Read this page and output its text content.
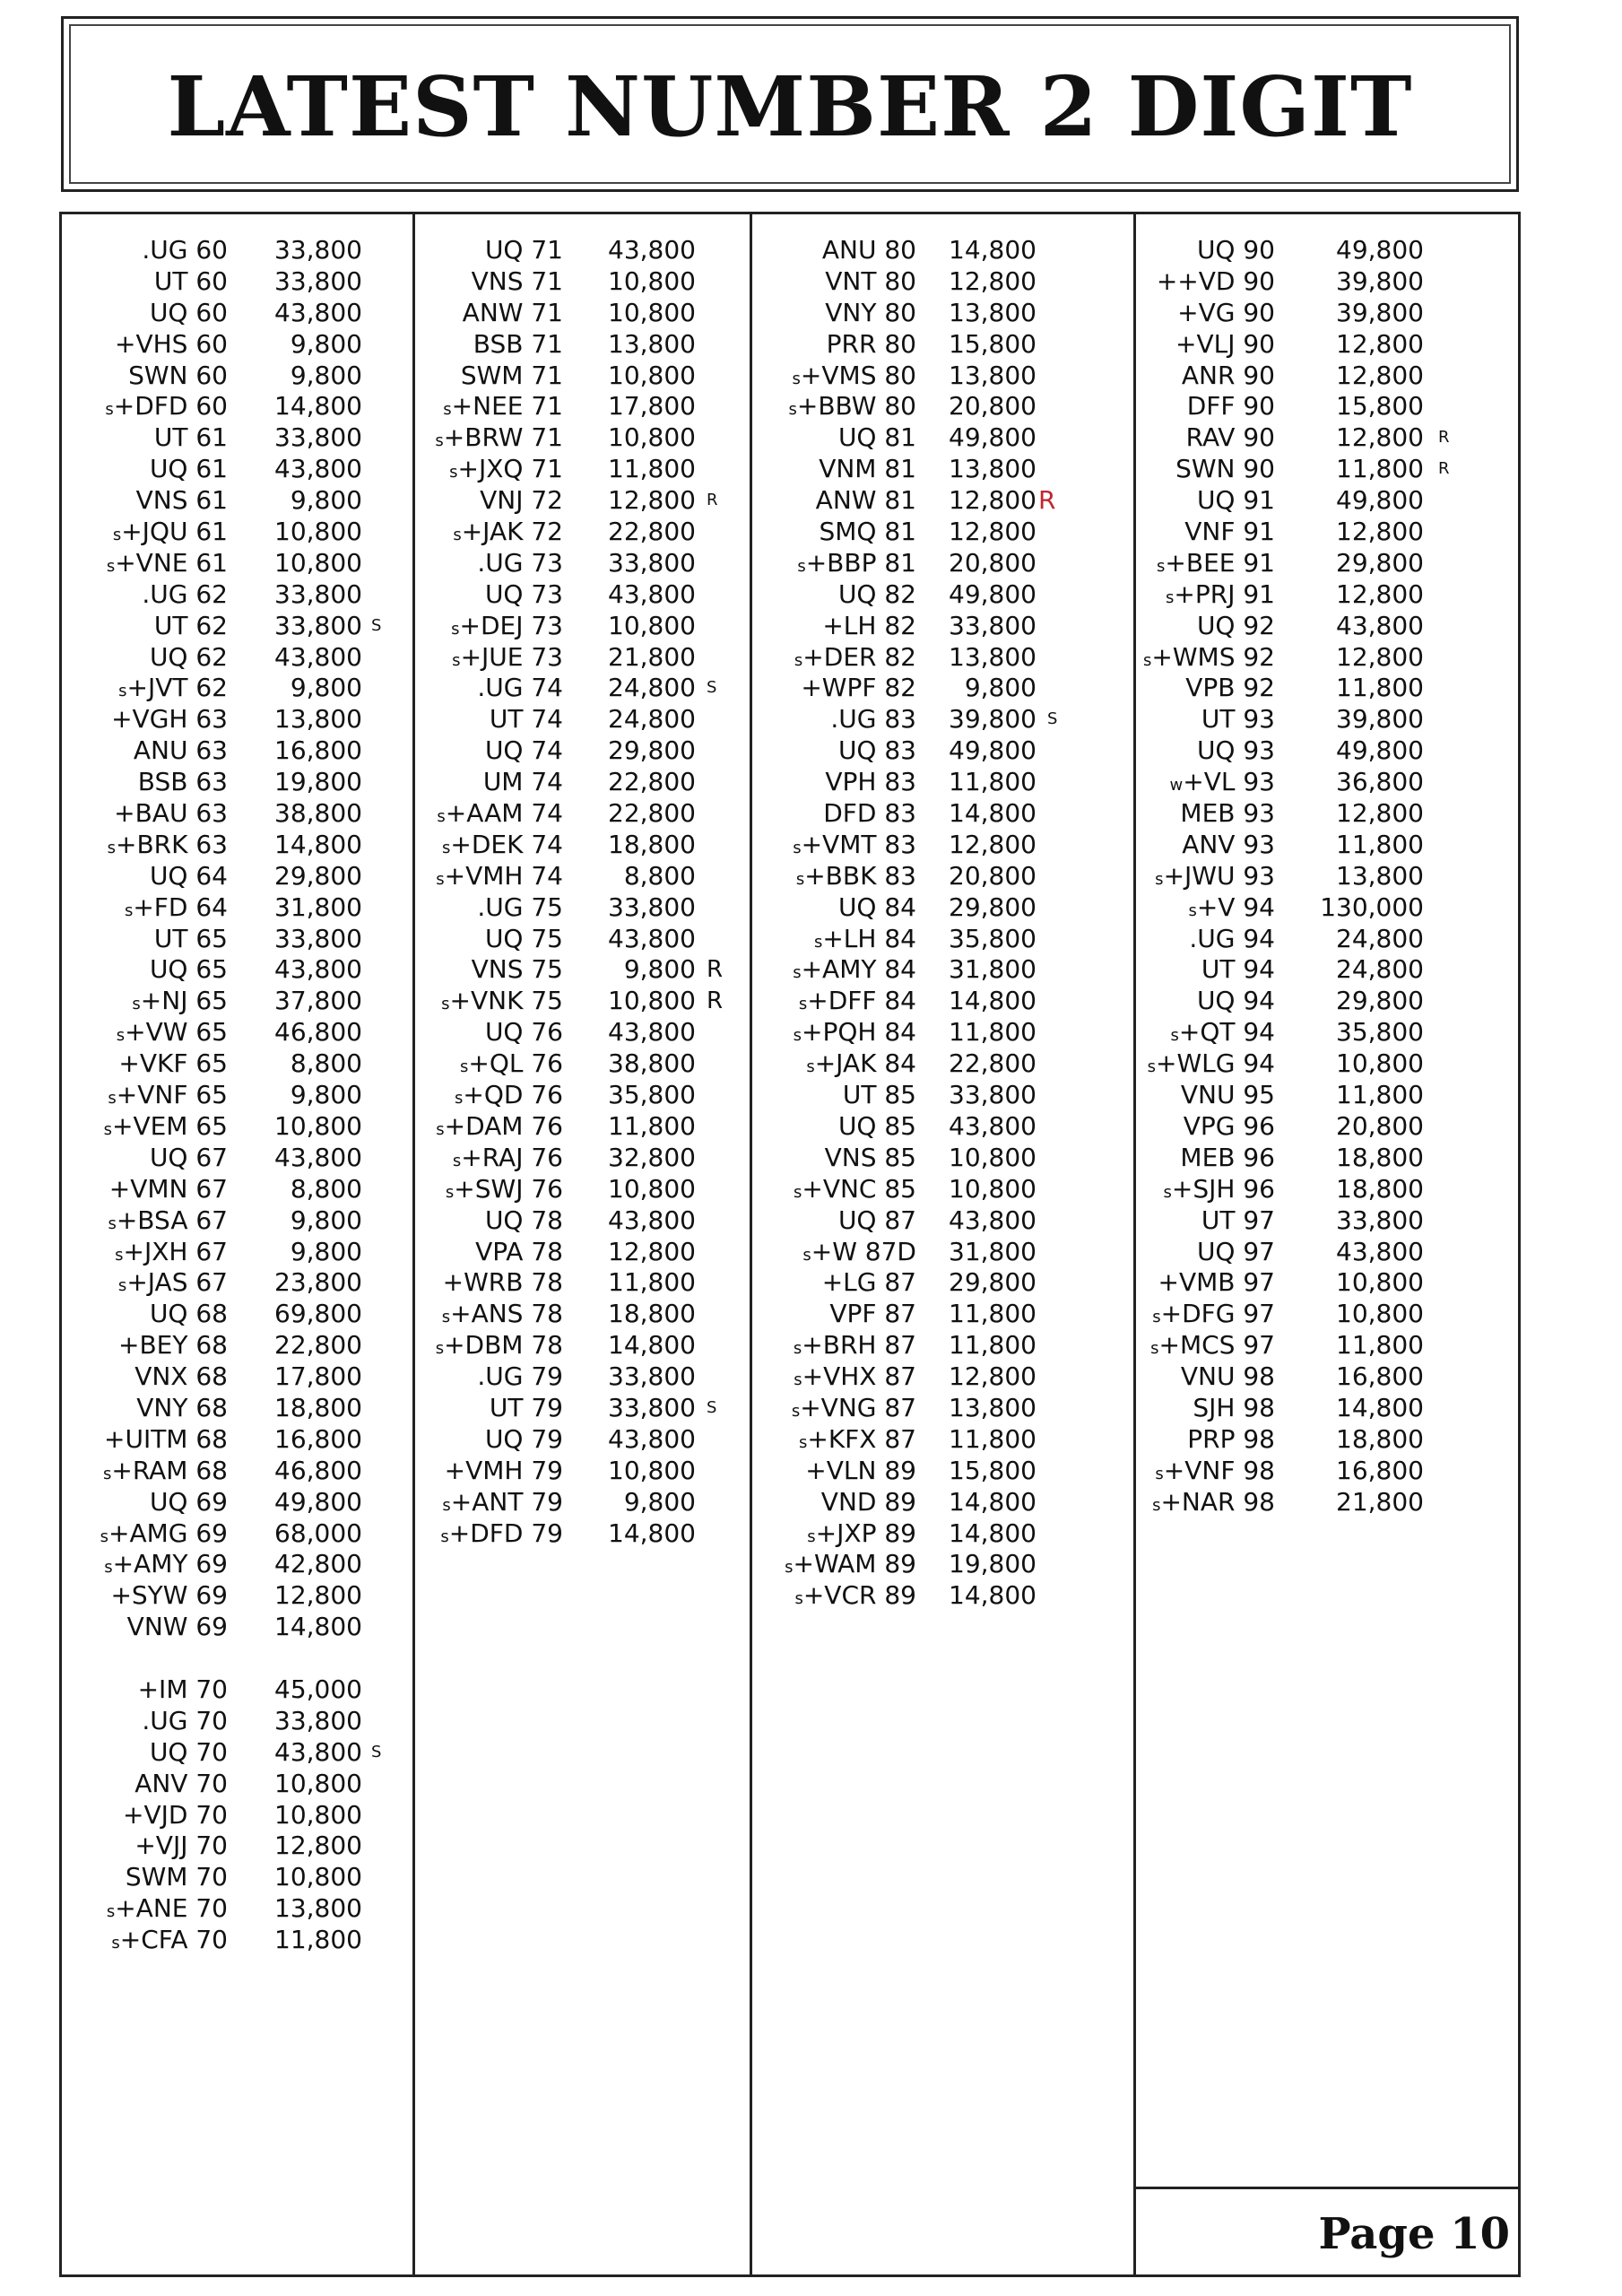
LATEST NUMBER 2 DIGIT
.UG 60 33,800
UT 60 33,800
UQ 60 43,800
+VHS 60 9,800
SWN 60 9,800
s+DFD 60 14,800
UT 61 33,800
UQ 61 43,800
VNS 61 9,800
s+JQU 61 10,800
s+VNE 61 10,800
.UG 62 33,800
UT 62 33,800 S
UQ 62 43,800
s+JVT 62 9,800
+VGH 63 13,800
ANU 63 16,800
BSB 63 19,800
+BAU 63 38,800
s+BRK 63 14,800
UQ 64 29,800
s+FD 64 31,800
UT 65 33,800
UQ 65 43,800
s+NJ 65 37,800
s+VW 65 46,800
+VKF 65 8,800
s+VNF 65 9,800
s+VEM 65 10,800
UQ 67 43,800
+VMN 67 8,800
s+BSA 67 9,800
s+JXH 67 9,800
s+JAS 67 23,800
UQ 68 69,800
+BEY 68 22,800
VNX 68 17,800
VNY 68 18,800
+UITM 68 16,800
s+RAM 68 46,800
UQ 69 49,800
s+AMG 69 68,000
s+AMY 69 42,800
+SYW 69 12,800
VNW 69 14,800
+IM 70 45,000
.UG 70 33,800
UQ 70 43,800 S
ANV 70 10,800
+VJD 70 10,800
+VJJ 70 12,800
SWM 70 10,800
s+ANE 70 13,800
s+CFA 70 11,800
UQ 71 43,800
VNS 71 10,800
ANW 71 10,800
BSB 71 13,800
SWM 71 10,800
s+NEE 71 17,800
s+BRW 71 10,800
s+JXQ 71 11,800
VNJ 72 12,800 R
s+JAK 72 22,800
.UG 73 33,800
UQ 73 43,800
s+DEJ 73 10,800
s+JUE 73 21,800
.UG 74 24,800 S
UT 74 24,800
UQ 74 29,800
UM 74 22,800
s+AAM 74 22,800
s+DEK 74 18,800
s+VMH 74 8,800
.UG 75 33,800
UQ 75 43,800
VNS 75 9,800 R
s+VNK 75 10,800 R
UQ 76 43,800
s+QL 76 38,800
s+QD 76 35,800
s+DAM 76 11,800
s+RAJ 76 32,800
s+SWJ 76 10,800
UQ 78 43,800
VPA 78 12,800
+WRB 78 11,800
s+ANS 78 18,800
s+DBM 78 14,800
.UG 79 33,800
UT 79 33,800 S
UQ 79 43,800
+VMH 79 10,800
s+ANT 79 9,800
s+DFD 79 14,800
ANU 80 14,800
VNT 80 12,800
VNY 80 13,800
PRR 80 15,800
s+VMS 80 13,800
s+BBW 80 20,800
UQ 81 49,800
VNM 81 13,800
ANW 81 12,800 R
SMQ 81 12,800
s+BBP 81 20,800
UQ 82 49,800
+LH 82 33,800
s+DER 82 13,800
+WPF 82 9,800
.UG 83 39,800 S
UQ 83 49,800
VPH 83 11,800
DFD 83 14,800
s+VMT 83 12,800
s+BBK 83 20,800
UQ 84 29,800
s+LH 84 35,800
s+AMY 84 31,800
s+DFF 84 14,800
s+PQH 84 11,800
s+JAK 84 22,800
UT 85 33,800
UQ 85 43,800
VNS 85 10,800
s+VNC 85 10,800
UQ 87 43,800
s+W 87D 31,800
+LG 87 29,800
VPF 87 11,800
s+BRH 87 11,800
s+VHX 87 12,800
s+VNG 87 13,800
s+KFX 87 11,800
+VLN 89 15,800
VND 89 14,800
s+JXP 89 14,800
s+WAM 89 19,800
s+VCR 89 14,800
UQ 90 49,800
++VD 90 39,800
+VG 90 39,800
+VLJ 90 12,800
ANR 90 12,800
DFF 90 15,800
RAV 90 12,800 R
SWN 90 11,800 R
UQ 91 49,800
VNF 91 12,800
s+BEE 91 29,800
s+PRJ 91 12,800
UQ 92 43,800
s+WMS 92 12,800
VPB 92 11,800
UT 93 39,800
UQ 93 49,800
w+VL 93 36,800
MEB 93 12,800
ANV 93 11,800
s+JWU 93 13,800
s+V 94 130,000
.UG 94 24,800
UT 94 24,800
UQ 94 29,800
s+QT 94 35,800
s+WLG 94 10,800
VNU 95 11,800
VPG 96 20,800
MEB 96 18,800
s+SJH 96 18,800
UT 97 33,800
UQ 97 43,800
+VMB 97 10,800
s+DFG 97 10,800
s+MCS 97 11,800
VNU 98 16,800
SJH 98 14,800
PRP 98 18,800
s+VNF 98 16,800
s+NAR 98 21,800
Page 10
